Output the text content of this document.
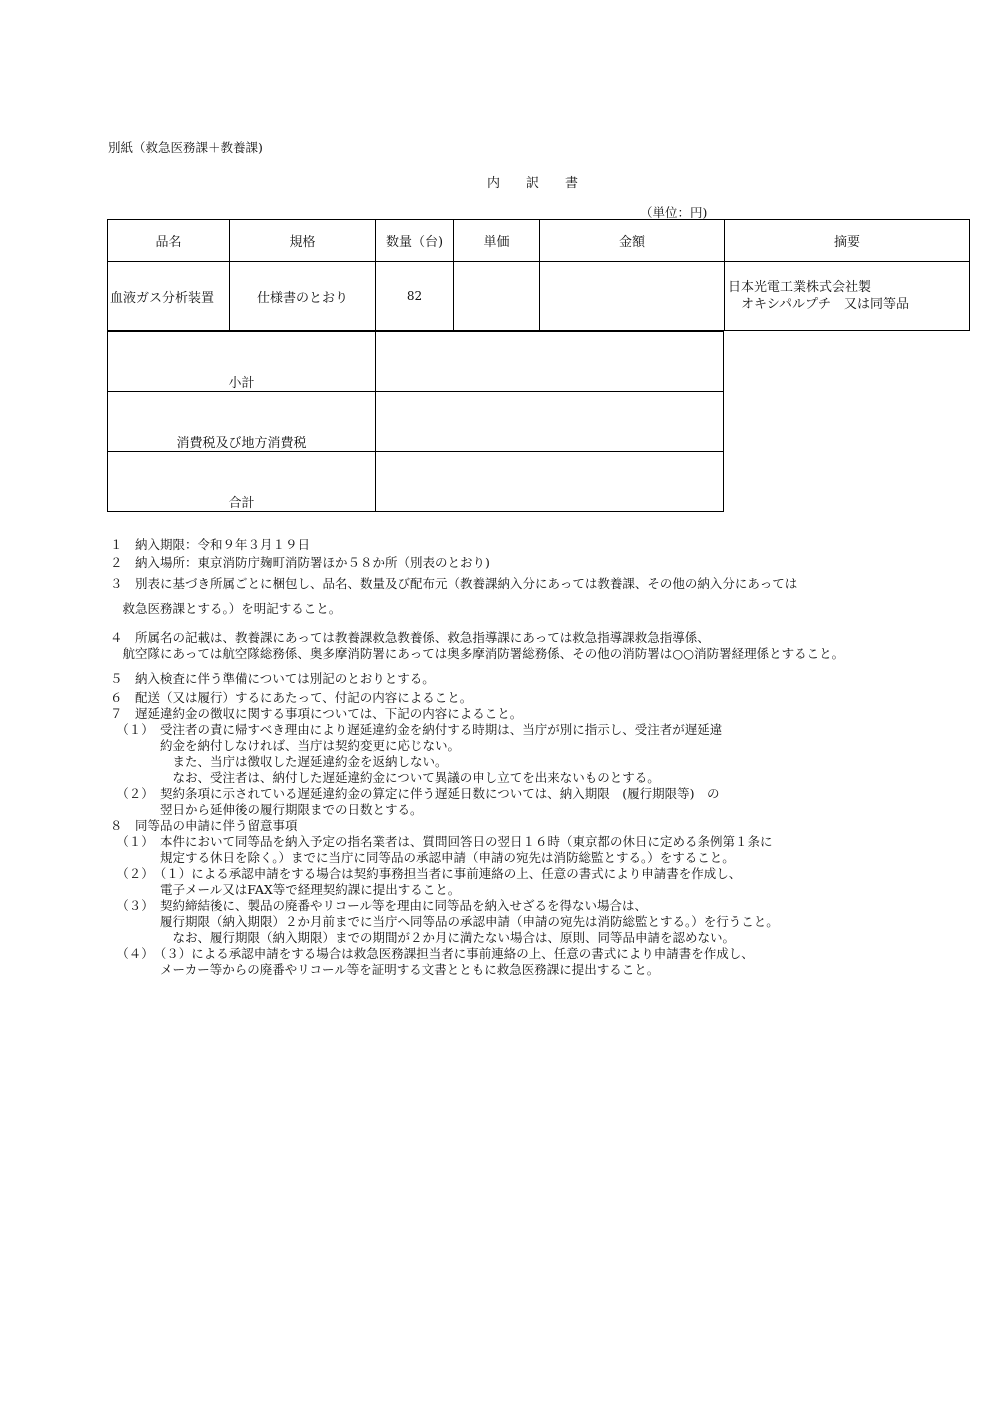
別紙（救急医務課＋教養課)
内　　訳　　書
（単位：円)
品名	規格	数量（台)	単価	金額	摘要
血液ガス分析装置	仕様書のとおり	82			日本光電工業株式会社製
　オキシパルプチ　又は同等品
小計	
消費税及び地方消費税	
合計	
１　納入期限：令和９年３月１９日
２　納入場所：東京消防庁麹町消防署ほか５８か所（別表のとおり)
３　別表に基づき所属ごとに梱包し、品名、数量及び配布元（教養課納入分にあっては教養課、その他の納入分にあっては
　救急医務課とする。）を明記すること。
４　所属名の記載は、教養課にあっては教養課救急教養係、救急指導課にあっては救急指導課救急指導係、
　航空隊にあっては航空隊総務係、奥多摩消防署にあっては奥多摩消防署総務係、その他の消防署は○○消防署経理係とすること。
５　納入検査に伴う準備については別記のとおりとする。
６　配送（又は履行）するにあたって、付記の内容によること。
７　遅延違約金の徴収に関する事項については、下記の内容によること。
　（１）　受注者の責に帰すべき理由により遅延違約金を納付する時期は、当庁が別に指示し、受注者が遅延違
　　　　約金を納付しなければ、当庁は契約変更に応じない。
　　　　　また、当庁は徴収した遅延違約金を返納しない。
　　　　　なお、受注者は、納付した遅延違約金について異議の申し立てを出来ないものとする。
　（２）　契約条項に示されている遅延違約金の算定に伴う遅延日数については、納入期限　(履行期限等)　の
　　　　翌日から延伸後の履行期限までの日数とする。
８　同等品の申請に伴う留意事項
　（１）　本件において同等品を納入予定の指名業者は、質問回答日の翌日１６時（東京都の休日に定める条例第１条に
　　　　規定する休日を除く。）までに当庁に同等品の承認申請（申請の宛先は消防総監とする。）をすること。
　（２）　（１）による承認申請をする場合は契約事務担当者に事前連絡の上、任意の書式により申請書を作成し、
　　　　電子メール又はFAX等で経理契約課に提出すること。
　（３）　契約締結後に、製品の廃番やリコール等を理由に同等品を納入せざるを得ない場合は、
　　　　履行期限（納入期限）２か月前までに当庁へ同等品の承認申請（申請の宛先は消防総監とする。）を行うこと。
　　　　　なお、履行期限（納入期限）までの期間が２か月に満たない場合は、原則、同等品申請を認めない。
　（４）　（３）による承認申請をする場合は救急医務課担当者に事前連絡の上、任意の書式により申請書を作成し、
　　　　メーカー等からの廃番やリコール等を証明する文書とともに救急医務課に提出すること。
